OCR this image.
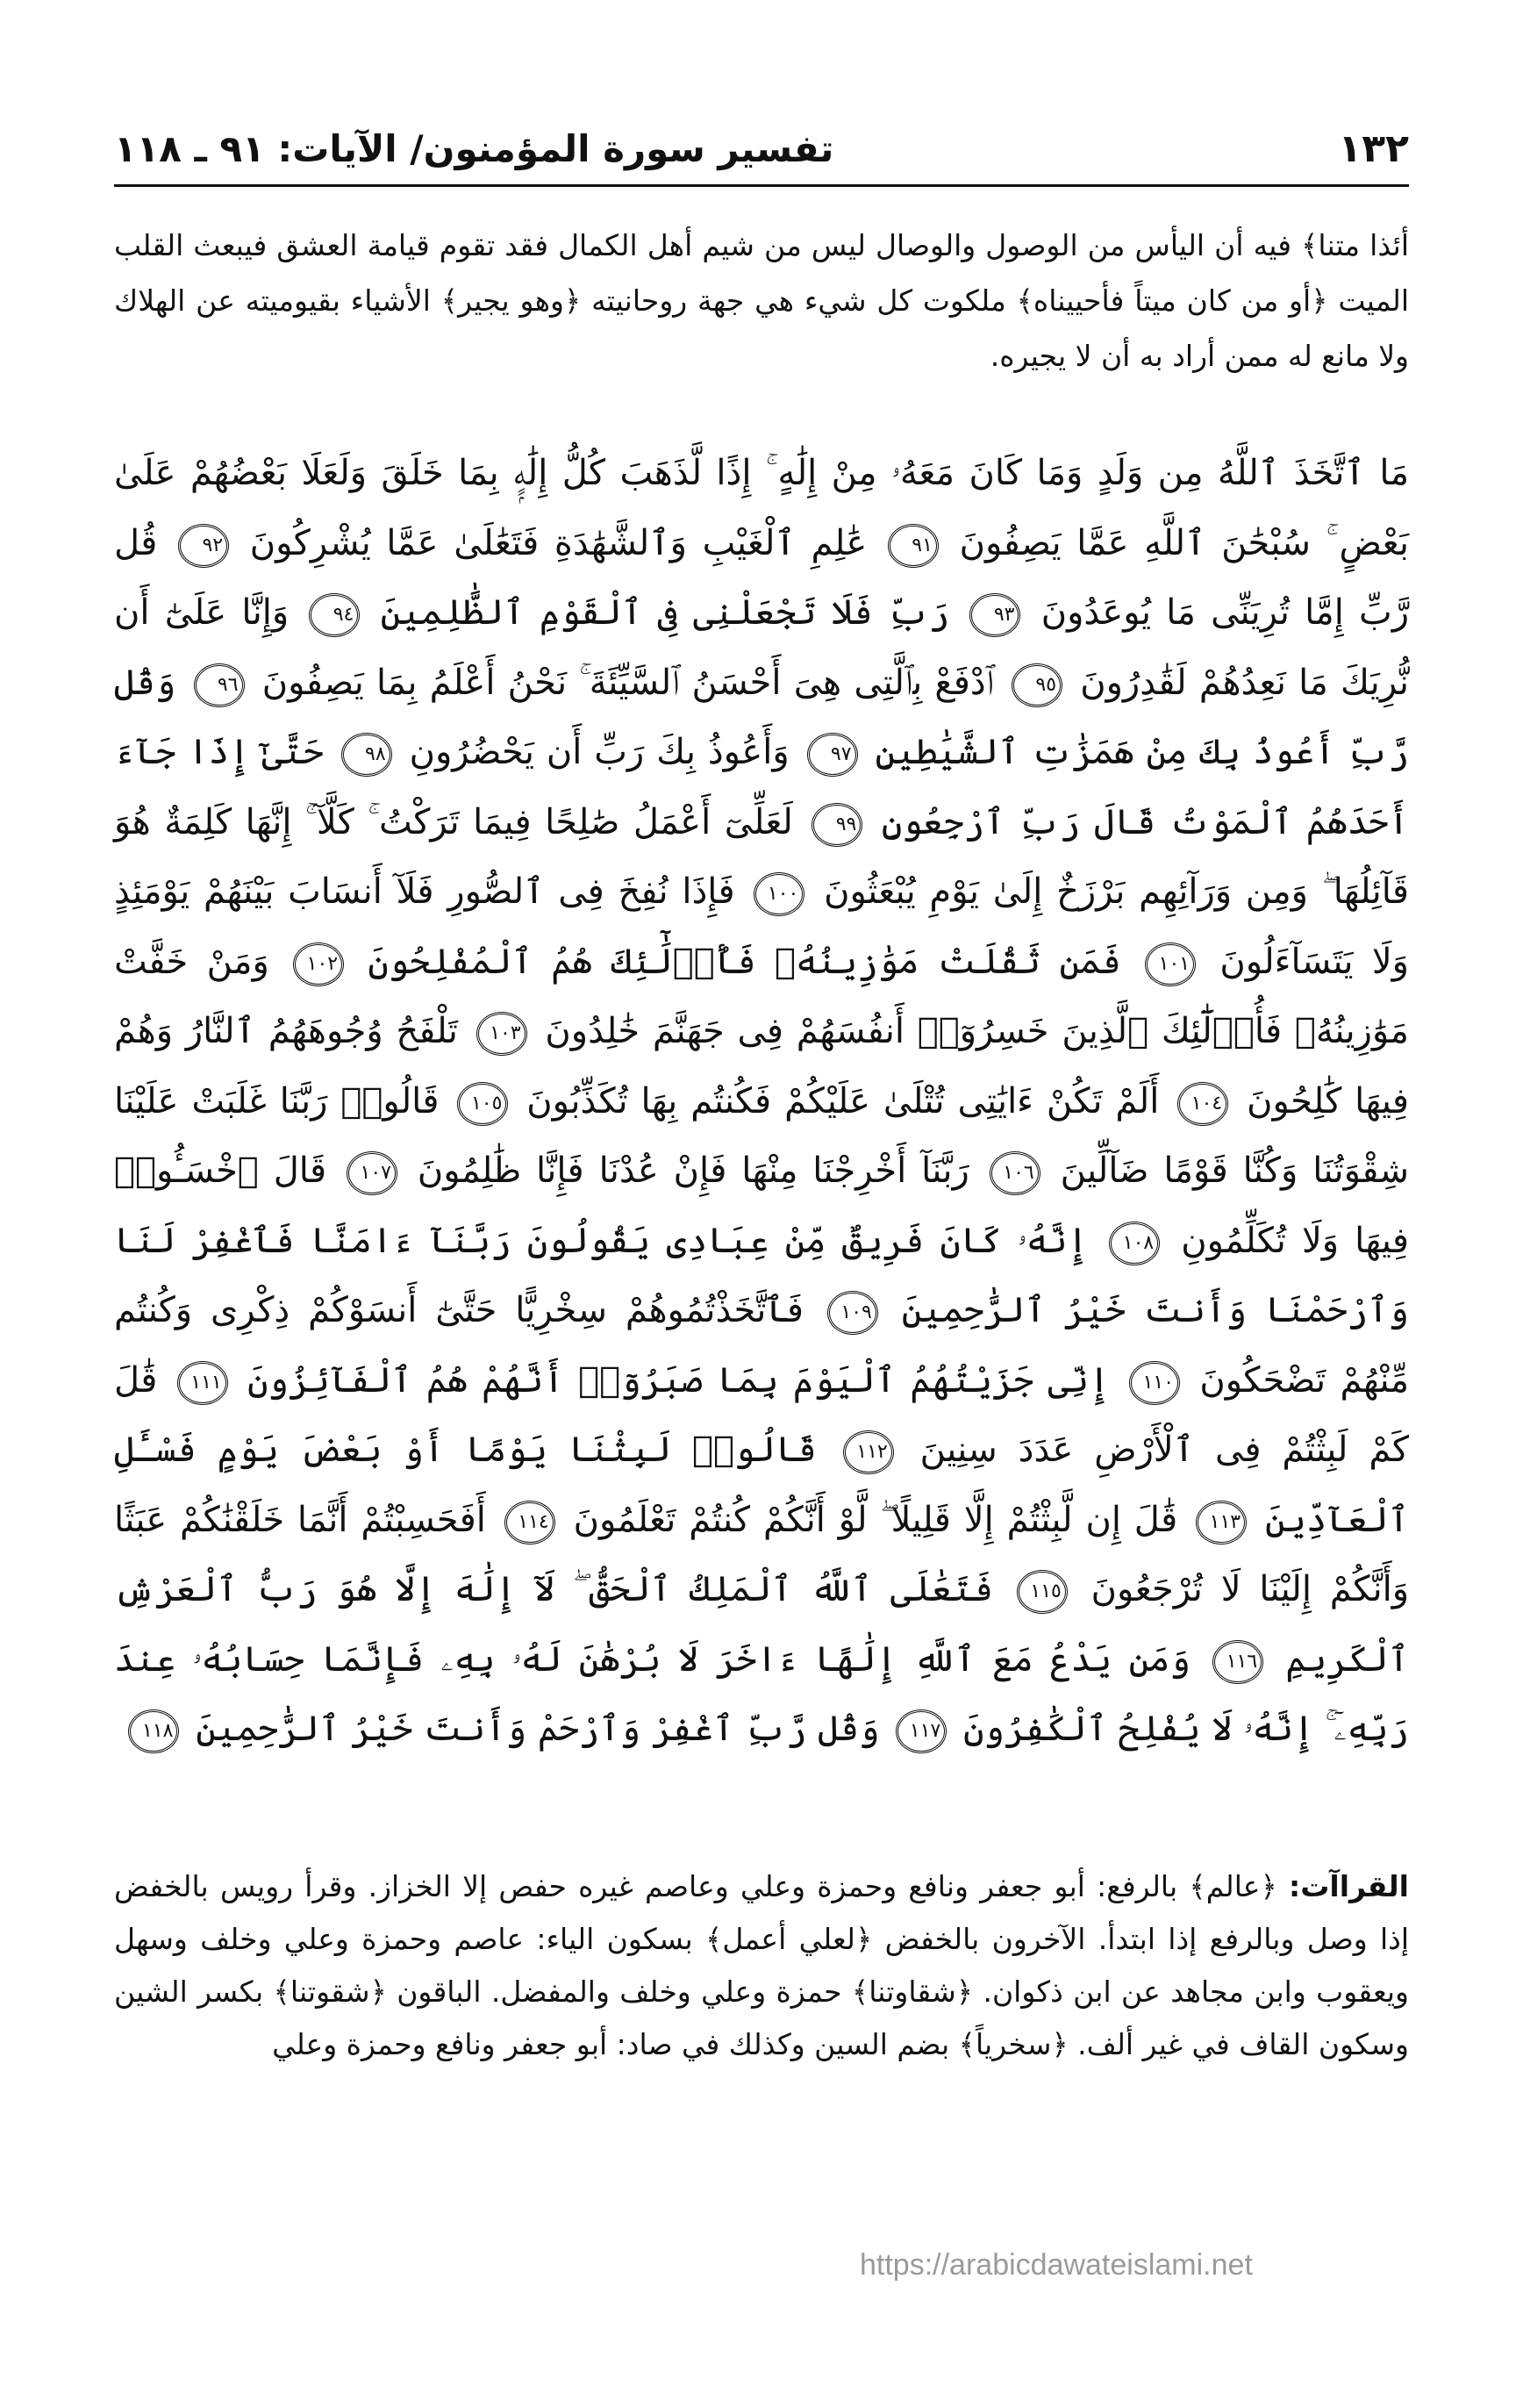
١٣٢
تفسير سورة المؤمنون/ الآيات: ٩١ ـ ١١٨

أئذا متنا﴾ فيه أن اليأس من الوصول والوصال ليس من شيم أهل الكمال فقد تقوم قيامة العشق فيبعث القلب الميت ﴿أو من كان ميتاً فأحييناه﴾ ملكوت كل شيء هي جهة روحانيته ﴿وهو يجير﴾ الأشياء بقيوميته عن الهلاك ولا مانع له ممن أراد به أن لا يجيره.

مَا ٱتَّخَذَ ٱللَّهُ مِن وَلَدٍ وَمَا كَانَ مَعَهُۥ مِنْ إِلَٰهٍ ۚ إِذًا لَّذَهَبَ كُلُّ إِلَٰهٍۭ بِمَا خَلَقَ وَلَعَلَا بَعْضُهُمْ عَلَىٰ بَعْضٍ ۚ سُبْحَٰنَ ٱللَّهِ عَمَّا يَصِفُونَ ٩١ عَٰلِمِ ٱلْغَيْبِ وَٱلشَّهَٰدَةِ فَتَعَٰلَىٰ عَمَّا يُشْرِكُونَ ٩٢ قُل رَّبِّ إِمَّا تُرِيَنِّى مَا يُوعَدُونَ ٩٣ رَبِّ فَلَا تَجْعَلْنِى فِى ٱلْقَوْمِ ٱلظَّٰلِمِينَ ٩٤ وَإِنَّا عَلَىٰٓ أَن نُّرِيَكَ مَا نَعِدُهُمْ لَقَٰدِرُونَ ٩٥ ٱدْفَعْ بِٱلَّتِى هِىَ أَحْسَنُ ٱلسَّيِّئَةَ ۚ نَحْنُ أَعْلَمُ بِمَا يَصِفُونَ ٩٦ وَقُل رَّبِّ أَعُوذُ بِكَ مِنْ هَمَزَٰتِ ٱلشَّيَٰطِينِ ٩٧ وَأَعُوذُ بِكَ رَبِّ أَن يَحْضُرُونِ ٩٨ حَتَّىٰٓ إِذَا جَآءَ أَحَدَهُمُ ٱلْمَوْتُ قَالَ رَبِّ ٱرْجِعُونِ ٩٩ لَعَلِّىٓ أَعْمَلُ صَٰلِحًا فِيمَا تَرَكْتُ ۚ كَلَّآ ۚ إِنَّهَا كَلِمَةٌ هُوَ قَآئِلُهَا ۖ وَمِن وَرَآئِهِم بَرْزَخٌ إِلَىٰ يَوْمِ يُبْعَثُونَ ١٠٠ فَإِذَا نُفِخَ فِى ٱلصُّورِ فَلَآ أَنسَابَ بَيْنَهُمْ يَوْمَئِذٍ وَلَا يَتَسَآءَلُونَ ١٠١ فَمَن ثَقُلَتْ مَوَٰزِينُهُۥ فَأُو۟لَٰٓئِكَ هُمُ ٱلْمُفْلِحُونَ ١٠٢ وَمَنْ خَفَّتْ مَوَٰزِينُهُۥ فَأُو۟لَٰٓئِكَ ٱلَّذِينَ خَسِرُوٓا۟ أَنفُسَهُمْ فِى جَهَنَّمَ خَٰلِدُونَ ١٠٣ تَلْفَحُ وُجُوهَهُمُ ٱلنَّارُ وَهُمْ فِيهَا كَٰلِحُونَ ١٠٤ أَلَمْ تَكُنْ ءَايَٰتِى تُتْلَىٰ عَلَيْكُمْ فَكُنتُم بِهَا تُكَذِّبُونَ ١٠٥ قَالُوا۟ رَبَّنَا غَلَبَتْ عَلَيْنَا شِقْوَتُنَا وَكُنَّا قَوْمًا ضَآلِّينَ ١٠٦ رَبَّنَآ أَخْرِجْنَا مِنْهَا فَإِنْ عُدْنَا فَإِنَّا ظَٰلِمُونَ ١٠٧ قَالَ ٱخْسَـُٔوا۟ فِيهَا وَلَا تُكَلِّمُونِ ١٠٨ إِنَّهُۥ كَانَ فَرِيقٌ مِّنْ عِبَادِى يَقُولُونَ رَبَّنَآ ءَامَنَّا فَٱغْفِرْ لَنَا وَٱرْحَمْنَا وَأَنتَ خَيْرُ ٱلرَّٰحِمِينَ ١٠٩ فَٱتَّخَذْتُمُوهُمْ سِخْرِيًّا حَتَّىٰٓ أَنسَوْكُمْ ذِكْرِى وَكُنتُم مِّنْهُمْ تَضْحَكُونَ ١١٠ إِنِّى جَزَيْتُهُمُ ٱلْيَوْمَ بِمَا صَبَرُوٓا۟ أَنَّهُمْ هُمُ ٱلْفَآئِزُونَ ١١١ قَٰلَ كَمْ لَبِثْتُمْ فِى ٱلْأَرْضِ عَدَدَ سِنِينَ ١١٢ قَالُوا۟ لَبِثْنَا يَوْمًا أَوْ بَعْضَ يَوْمٍ فَسْـَٔلِ ٱلْعَآدِّينَ ١١٣ قَٰلَ إِن لَّبِثْتُمْ إِلَّا قَلِيلًا ۖ لَّوْ أَنَّكُمْ كُنتُمْ تَعْلَمُونَ ١١٤ أَفَحَسِبْتُمْ أَنَّمَا خَلَقْنَٰكُمْ عَبَثًا وَأَنَّكُمْ إِلَيْنَا لَا تُرْجَعُونَ ١١٥ فَتَعَٰلَى ٱللَّهُ ٱلْمَلِكُ ٱلْحَقُّ ۖ لَآ إِلَٰهَ إِلَّا هُوَ رَبُّ ٱلْعَرْشِ ٱلْكَرِيمِ ١١٦ وَمَن يَدْعُ مَعَ ٱللَّهِ إِلَٰهًا ءَاخَرَ لَا بُرْهَٰنَ لَهُۥ بِهِۦ فَإِنَّمَا حِسَابُهُۥ عِندَ رَبِّهِۦٓ ۚ إِنَّهُۥ لَا يُفْلِحُ ٱلْكَٰفِرُونَ ١١٧ وَقُل رَّبِّ ٱغْفِرْ وَٱرْحَمْ وَأَنتَ خَيْرُ ٱلرَّٰحِمِينَ ١١٨

القراآت: ﴿عالم﴾ بالرفع: أبو جعفر ونافع وحمزة وعلي وعاصم غيره حفص إلا الخزاز. وقرأ رويس بالخفض إذا وصل وبالرفع إذا ابتدأ. الآخرون بالخفض ﴿لعلي أعمل﴾ بسكون الياء: عاصم وحمزة وعلي وخلف وسهل ويعقوب وابن مجاهد عن ابن ذكوان. ﴿شقاوتنا﴾ حمزة وعلي وخلف والمفضل. الباقون ﴿شقوتنا﴾ بكسر الشين وسكون القاف في غير ألف. ﴿سخرياً﴾ بضم السين وكذلك في صاد: أبو جعفر ونافع وحمزة وعلي

https://arabicdawateislami.net
